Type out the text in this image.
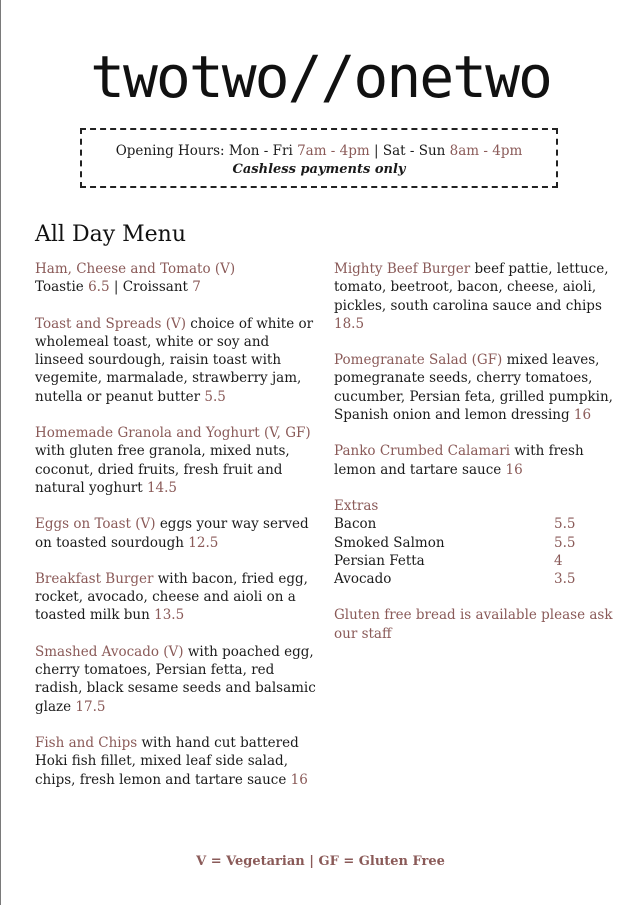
twotwo//onetwo
Opening Hours: Mon - Fri 7am - 4pm | Sat - Sun 8am - 4pm
Cashless payments only
All Day Menu
Ham, Cheese and Tomato (V)
Toastie 6.5 | Croissant 7
Toast and Spreads (V) choice of white or wholemeal toast, white or soy and linseed sourdough, raisin toast with vegemite, marmalade, strawberry jam, nutella or peanut butter 5.5
Homemade Granola and Yoghurt (V, GF) with gluten free granola, mixed nuts, coconut, dried fruits, fresh fruit and natural yoghurt 14.5
Eggs on Toast (V) eggs your way served on toasted sourdough 12.5
Breakfast Burger with bacon, fried egg, rocket, avocado, cheese and aioli on a toasted milk bun 13.5
Smashed Avocado (V) with poached egg, cherry tomatoes, Persian fetta, red radish, black sesame seeds and balsamic glaze 17.5
Fish and Chips with hand cut battered Hoki fish fillet, mixed leaf side salad, chips, fresh lemon and tartare sauce 16
Mighty Beef Burger beef pattie, lettuce, tomato, beetroot, bacon, cheese, aioli, pickles, south carolina sauce and chips 18.5
Pomegranate Salad (GF) mixed leaves, pomegranate seeds, cherry tomatoes, cucumber, Persian feta, grilled pumpkin, Spanish onion and lemon dressing 16
Panko Crumbed Calamari with fresh lemon and tartare sauce 16
Extras
Bacon	5.5
Smoked Salmon	5.5
Persian Fetta	4
Avocado	3.5
Gluten free bread is available please ask our staff
V = Vegetarian | GF = Gluten Free
